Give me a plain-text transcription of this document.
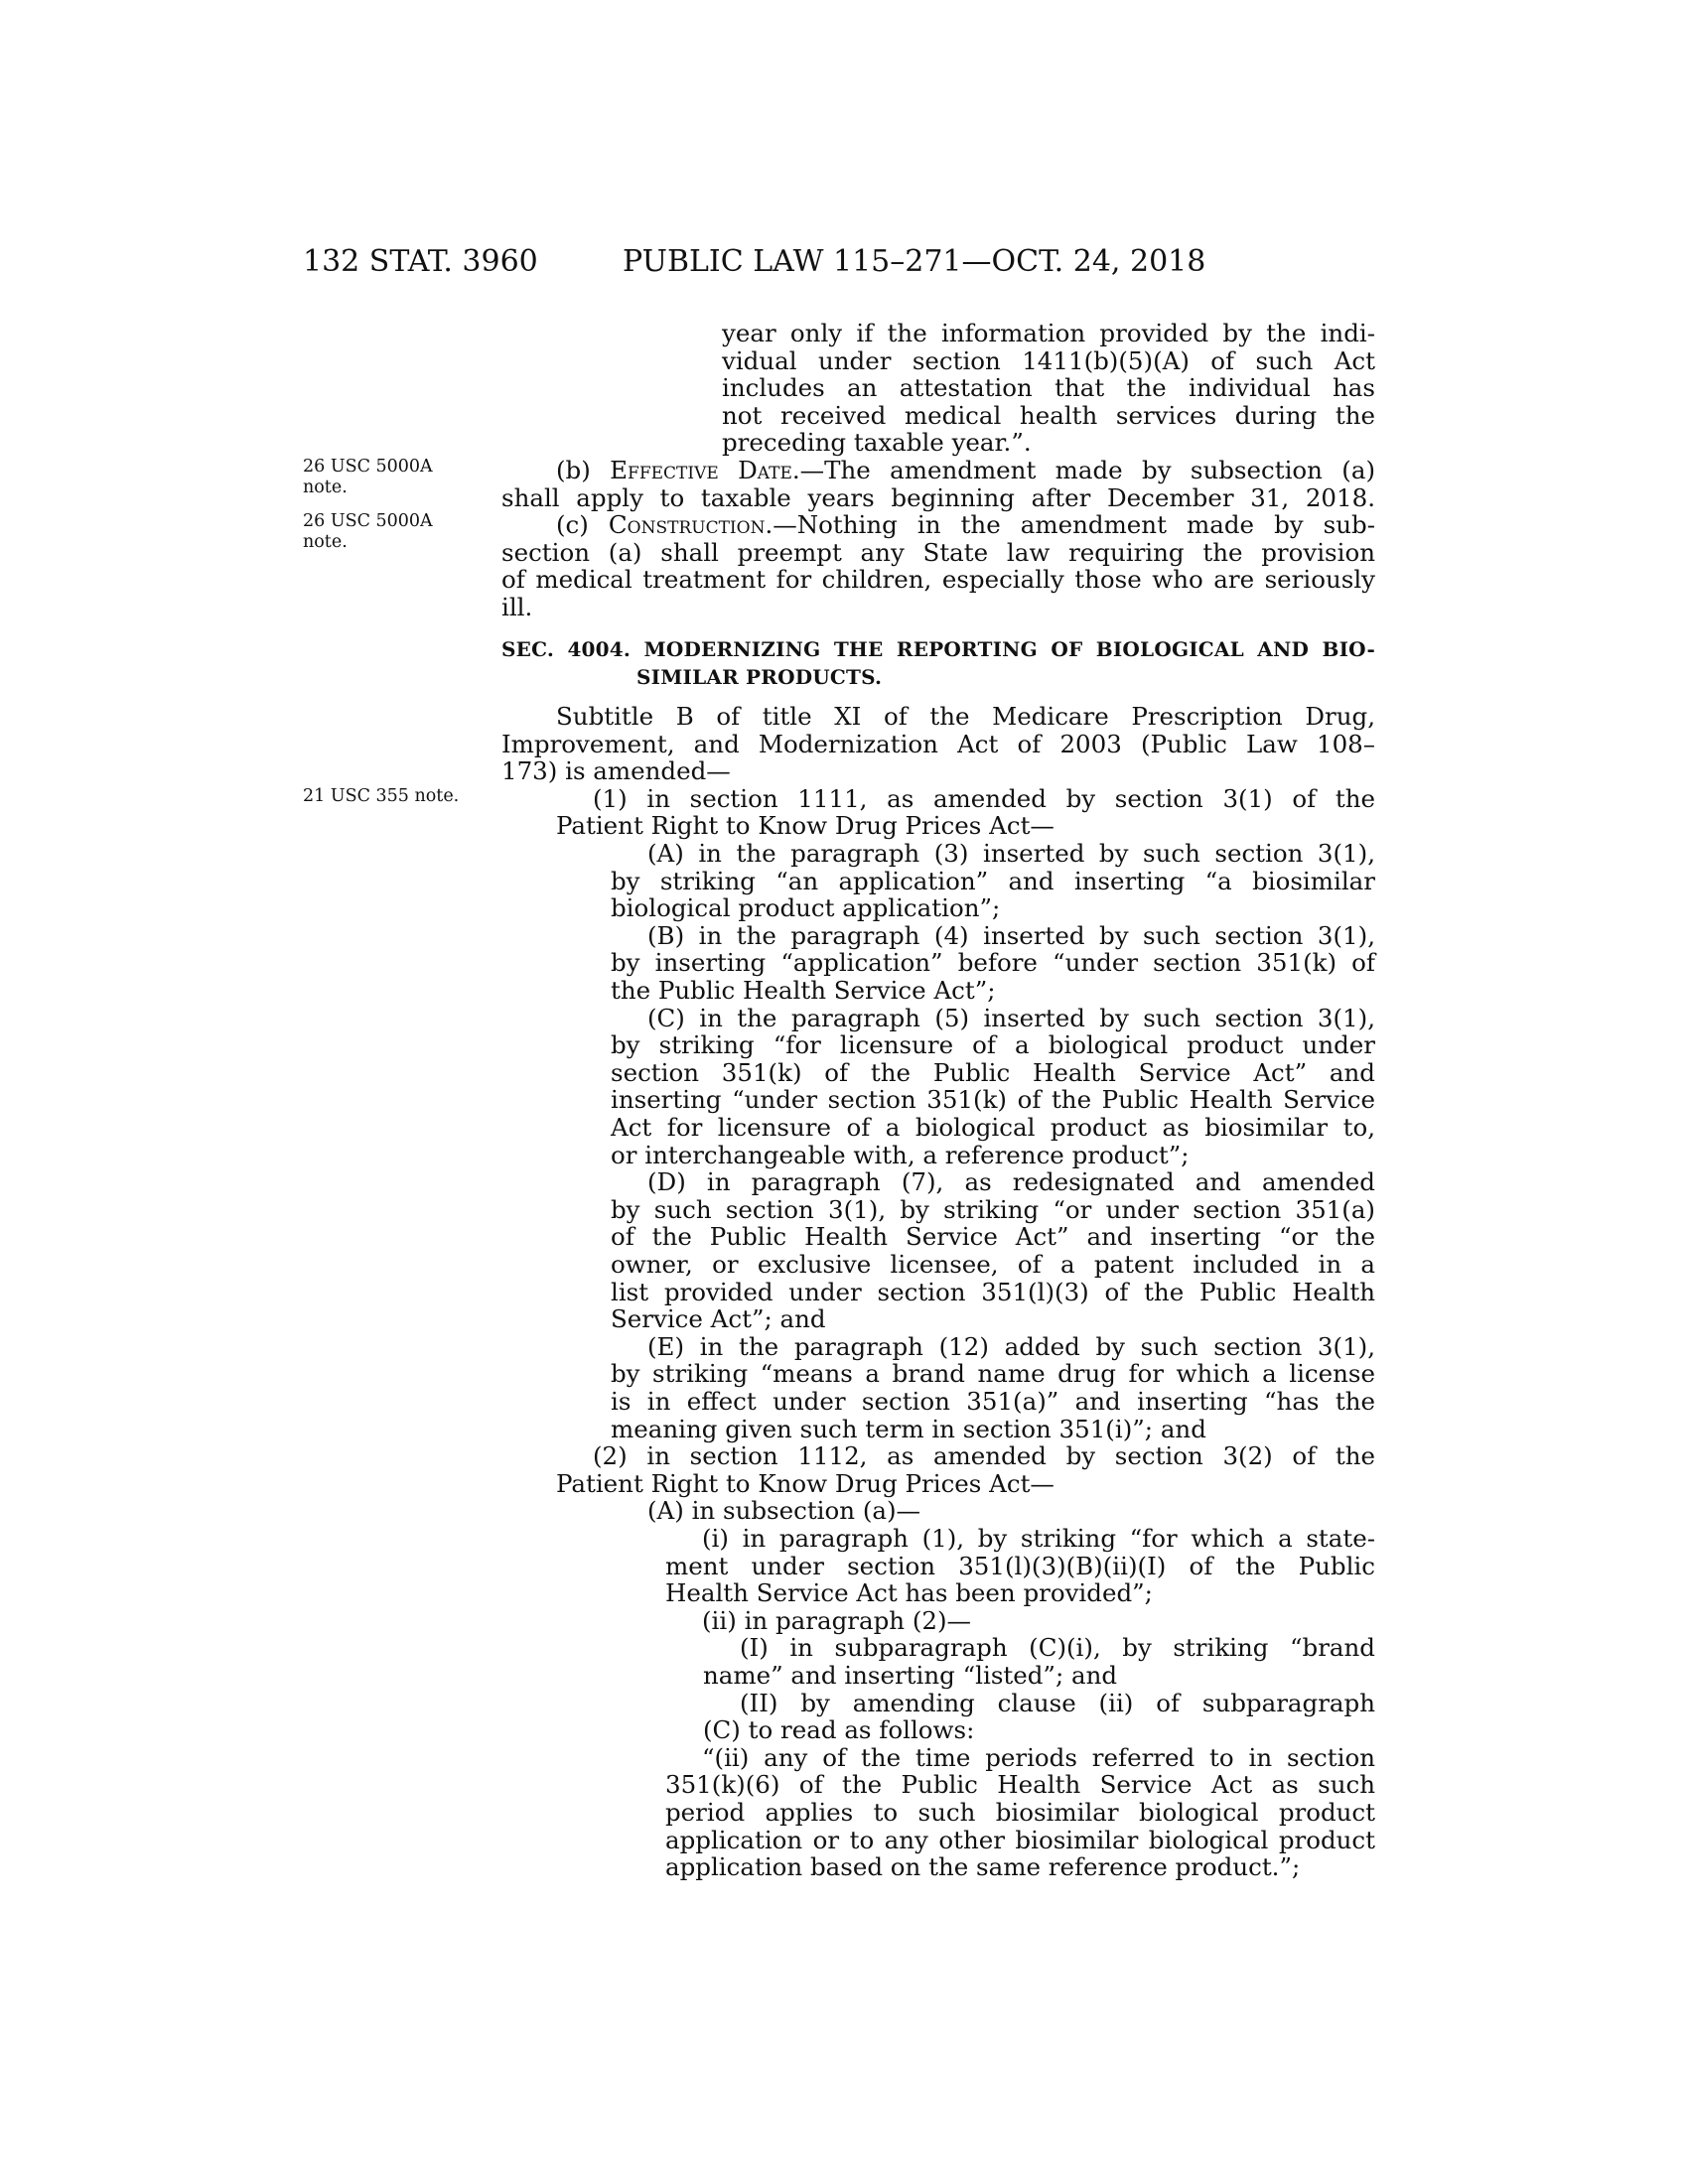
132 STAT. 3960	PUBLIC LAW 115–271—OCT. 24, 2018
26 USC 5000A
note.
26 USC 5000A
note.
21 USC 355 note.
year only if the information provided by the indi-
vidual under section 1411(b)(5)(A) of such Act
includes an attestation that the individual has
not received medical health services during the
preceding taxable year.”.
(b) Effective Date.—The amendment made by subsection (a)
shall apply to taxable years beginning after December 31, 2018.
(c) Construction.—Nothing in the amendment made by sub-
section (a) shall preempt any State law requiring the provision
of medical treatment for children, especially those who are seriously
ill.
SEC. 4004. MODERNIZING THE REPORTING OF BIOLOGICAL AND BIO-
SIMILAR PRODUCTS.
Subtitle B of title XI of the Medicare Prescription Drug,
Improvement, and Modernization Act of 2003 (Public Law 108–
173) is amended—
(1) in section 1111, as amended by section 3(1) of the
Patient Right to Know Drug Prices Act—
(A) in the paragraph (3) inserted by such section 3(1),
by striking “an application” and inserting “a biosimilar
biological product application”;
(B) in the paragraph (4) inserted by such section 3(1),
by inserting “application” before “under section 351(k) of
the Public Health Service Act”;
(C) in the paragraph (5) inserted by such section 3(1),
by striking “for licensure of a biological product under
section 351(k) of the Public Health Service Act” and
inserting “under section 351(k) of the Public Health Service
Act for licensure of a biological product as biosimilar to,
or interchangeable with, a reference product”;
(D) in paragraph (7), as redesignated and amended
by such section 3(1), by striking “or under section 351(a)
of the Public Health Service Act” and inserting “or the
owner, or exclusive licensee, of a patent included in a
list provided under section 351(l)(3) of the Public Health
Service Act”; and
(E) in the paragraph (12) added by such section 3(1),
by striking “means a brand name drug for which a license
is in effect under section 351(a)” and inserting “has the
meaning given such term in section 351(i)”; and
(2) in section 1112, as amended by section 3(2) of the
Patient Right to Know Drug Prices Act—
(A) in subsection (a)—
(i) in paragraph (1), by striking “for which a state-
ment under section 351(l)(3)(B)(ii)(I) of the Public
Health Service Act has been provided”;
(ii) in paragraph (2)—
(I) in subparagraph (C)(i), by striking “brand
name” and inserting “listed”; and
(II) by amending clause (ii) of subparagraph
(C) to read as follows:
“(ii) any of the time periods referred to in section
351(k)(6) of the Public Health Service Act as such
period applies to such biosimilar biological product
application or to any other biosimilar biological product
application based on the same reference product.”;
